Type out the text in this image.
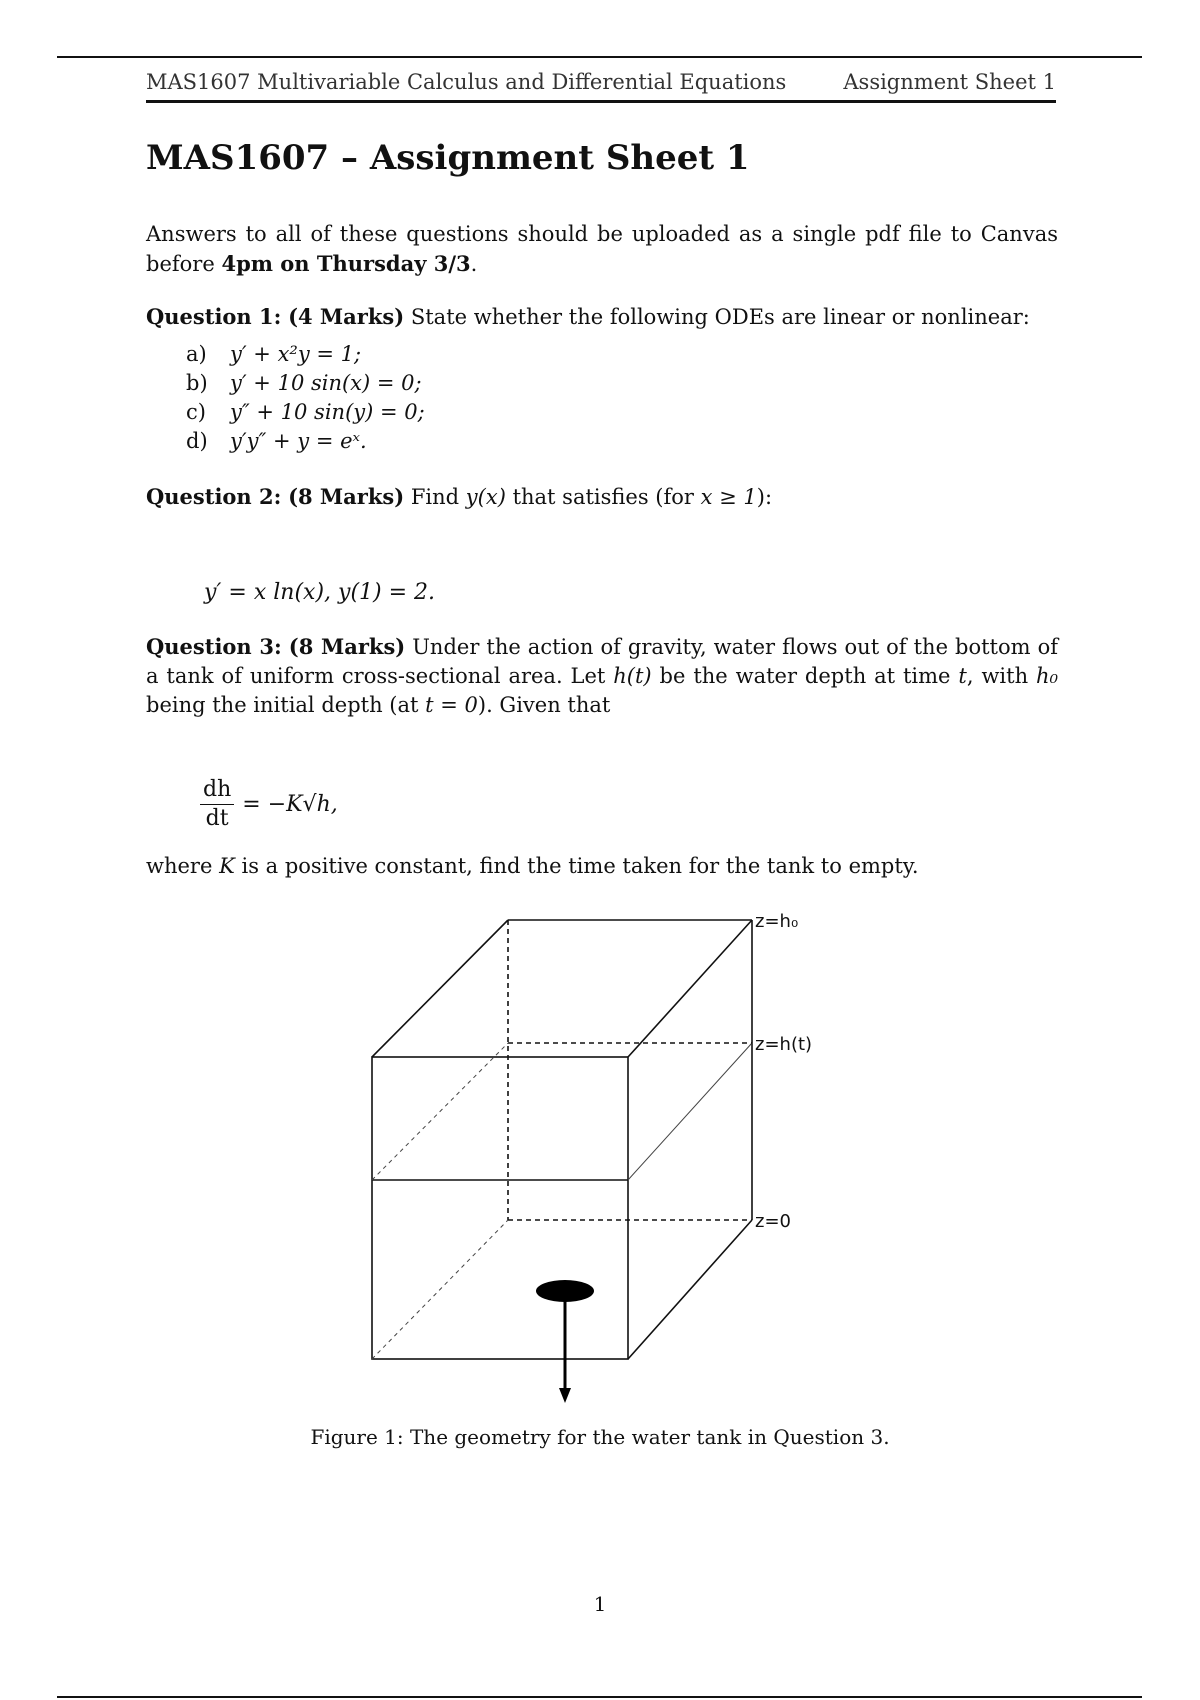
MAS1607 Multivariable Calculus and Differential Equations	Assignment Sheet 1
MAS1607 – Assignment Sheet 1
Answers to all of these questions should be uploaded as a single pdf file to Canvas before 4pm on Thursday 3/3.
Question 1: (4 Marks) State whether the following ODEs are linear or nonlinear:
a)	y′ + x²y = 1;
b)	y′ + 10 sin(x) = 0;
c)	y″ + 10 sin(y) = 0;
d)	y′y″ + y = eˣ.
Question 2: (8 Marks) Find y(x) that satisfies (for x ≥ 1):
y′ = x ln(x), y(1) = 2.
Question 3: (8 Marks) Under the action of gravity, water flows out of the bottom of a tank of uniform cross-sectional area. Let h(t) be the water depth at time t, with h₀ being the initial depth (at t = 0). Given that
$\frac{dh}{dt} = -K√h$,
where K is a positive constant, find the time taken for the tank to empty.
z=h₀
z=h(t)
z=0
Figure 1: The geometry for the water tank in Question 3.
1
